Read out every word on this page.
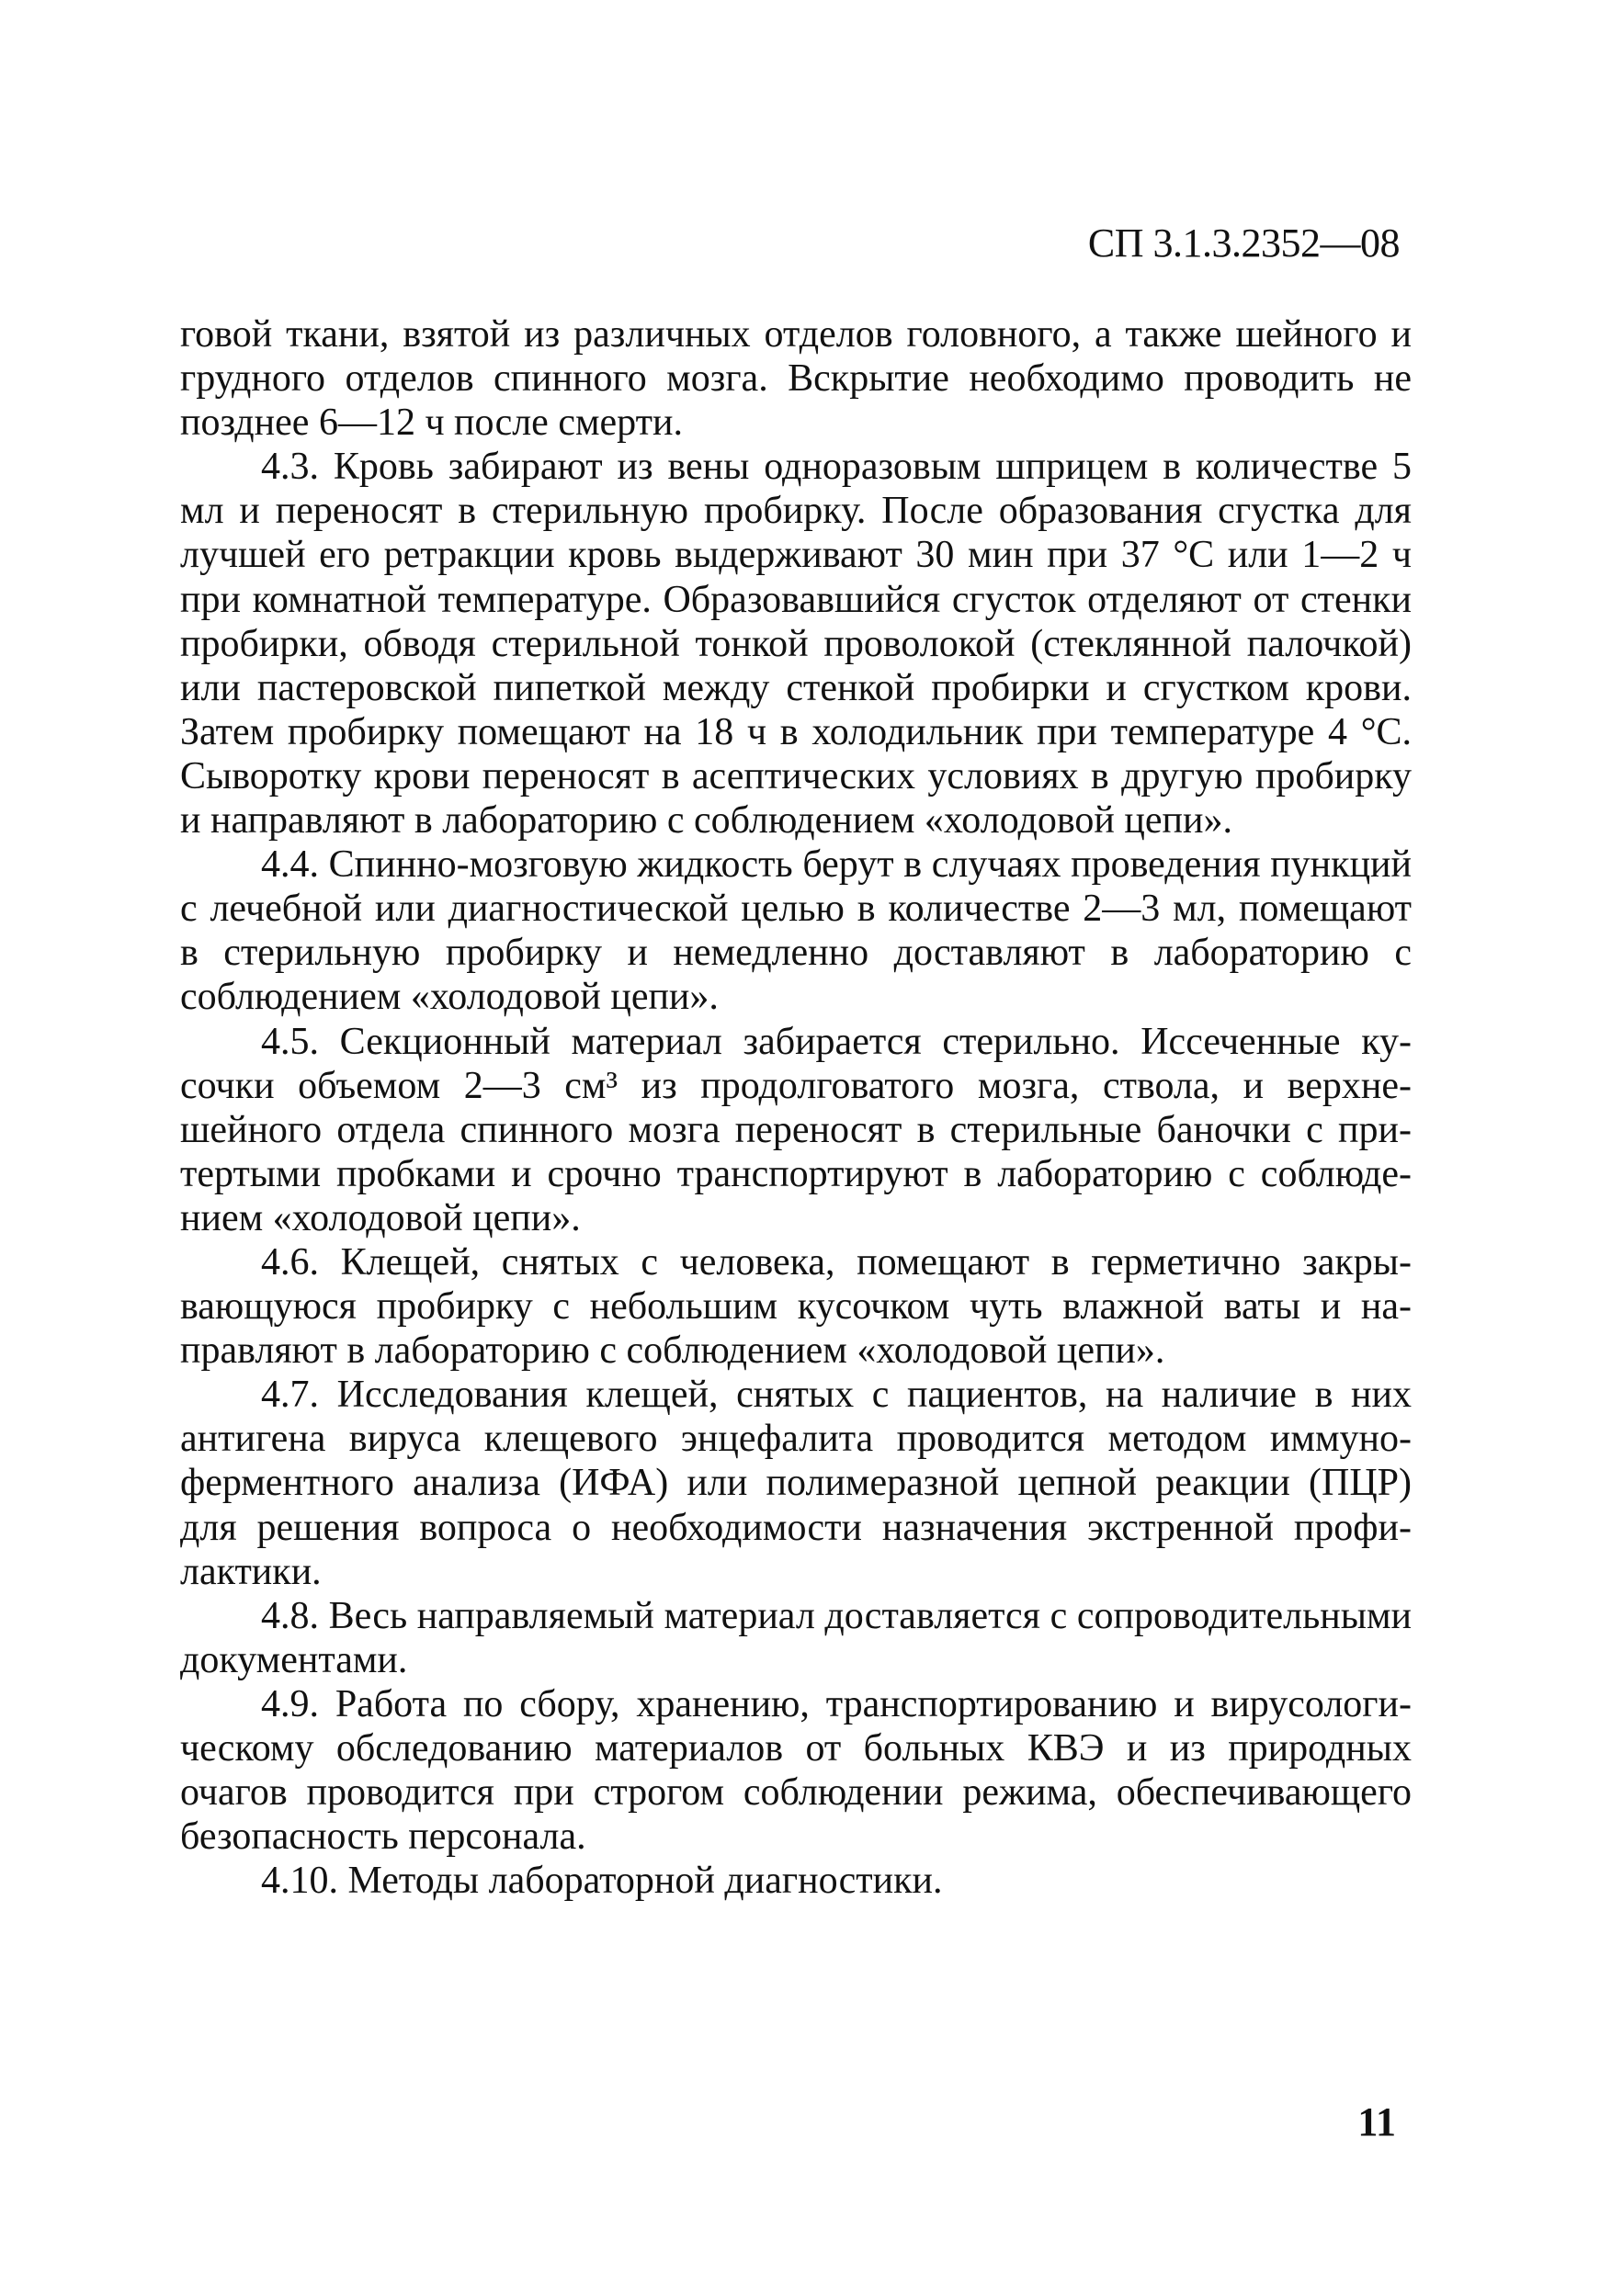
СП 3.1.3.2352—08

говой ткани, взятой из различных отделов головного, а также шейного и грудного отделов спинного мозга. Вскрытие необходимо проводить не позднее 6—12 ч после смерти.

4.3. Кровь забирают из вены одноразовым шприцем в количестве 5 мл и переносят в стерильную пробирку. После образования сгустка для лучшей его ретракции кровь выдерживают 30 мин при 37 °С или 1—2 ч при комнатной температуре. Образовавшийся сгусток отделяют от стенки пробирки, обводя стерильной тонкой проволокой (стеклянной палочкой) или пастеровской пипеткой между стенкой пробирки и сгустком крови. Затем пробирку помещают на 18 ч в холодильник при температуре 4 °С. Сыворотку крови переносят в асептических условиях в другую пробирку и направляют в лабораторию с соблюдением «холодовой цепи».

4.4. Спинно-мозговую жидкость берут в случаях проведения пункций с лечебной или диагностической целью в количестве 2—3 мл, помещают в стерильную пробирку и немедленно доставляют в лабораторию с соблюдением «холодовой цепи».

4.5. Секционный материал забирается стерильно. Иссеченные кусочки объемом 2—3 см³ из продолговатого мозга, ствола, и верхнешейного отдела спинного мозга переносят в стерильные баночки с притертыми пробками и срочно транспортируют в лабораторию с соблюдением «холодовой цепи».

4.6. Клещей, снятых с человека, помещают в герметично закрывающуюся пробирку с небольшим кусочком чуть влажной ваты и направляют в лабораторию с соблюдением «холодовой цепи».

4.7. Исследования клещей, снятых с пациентов, на наличие в них антигена вируса клещевого энцефалита проводится методом иммуноферментного анализа (ИФА) или полимеразной цепной реакции (ПЦР) для решения вопроса о необходимости назначения экстренной профилактики.

4.8. Весь направляемый материал доставляется с сопроводительными документами.

4.9. Работа по сбору, хранению, транспортированию и вирусологическому обследованию материалов от больных КВЭ и из природных очагов проводится при строгом соблюдении режима, обеспечивающего безопасность персонала.

4.10. Методы лабораторной диагностики.

11
